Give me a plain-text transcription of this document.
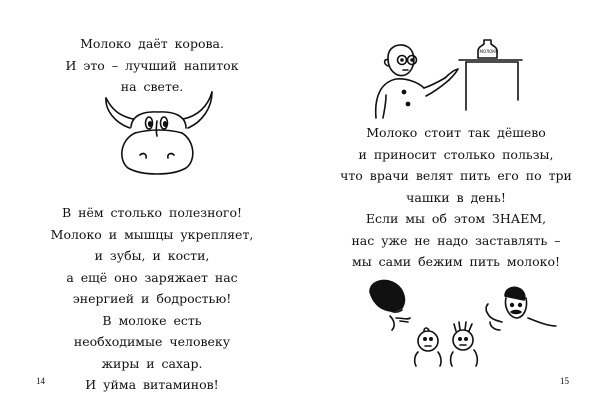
Молоко даёт корова.
И это – лучший напиток
на свете.
В нём столько полезного!
Молоко и мышцы укрепляет,
и зубы, и кости,
а ещё оно заряжает нас
энергией и бодростью!
В молоке есть
необходимые человеку
жиры и сахар.
И уйма витаминов!
14
МОЛОКО
Молоко стоит так дёшево
и приносит столько пользы,
что врачи велят пить его по три
чашки в день!
Если мы об этом ЗНАЕМ,
нас уже не надо заставлять –
мы сами бежим пить молоко!
15
